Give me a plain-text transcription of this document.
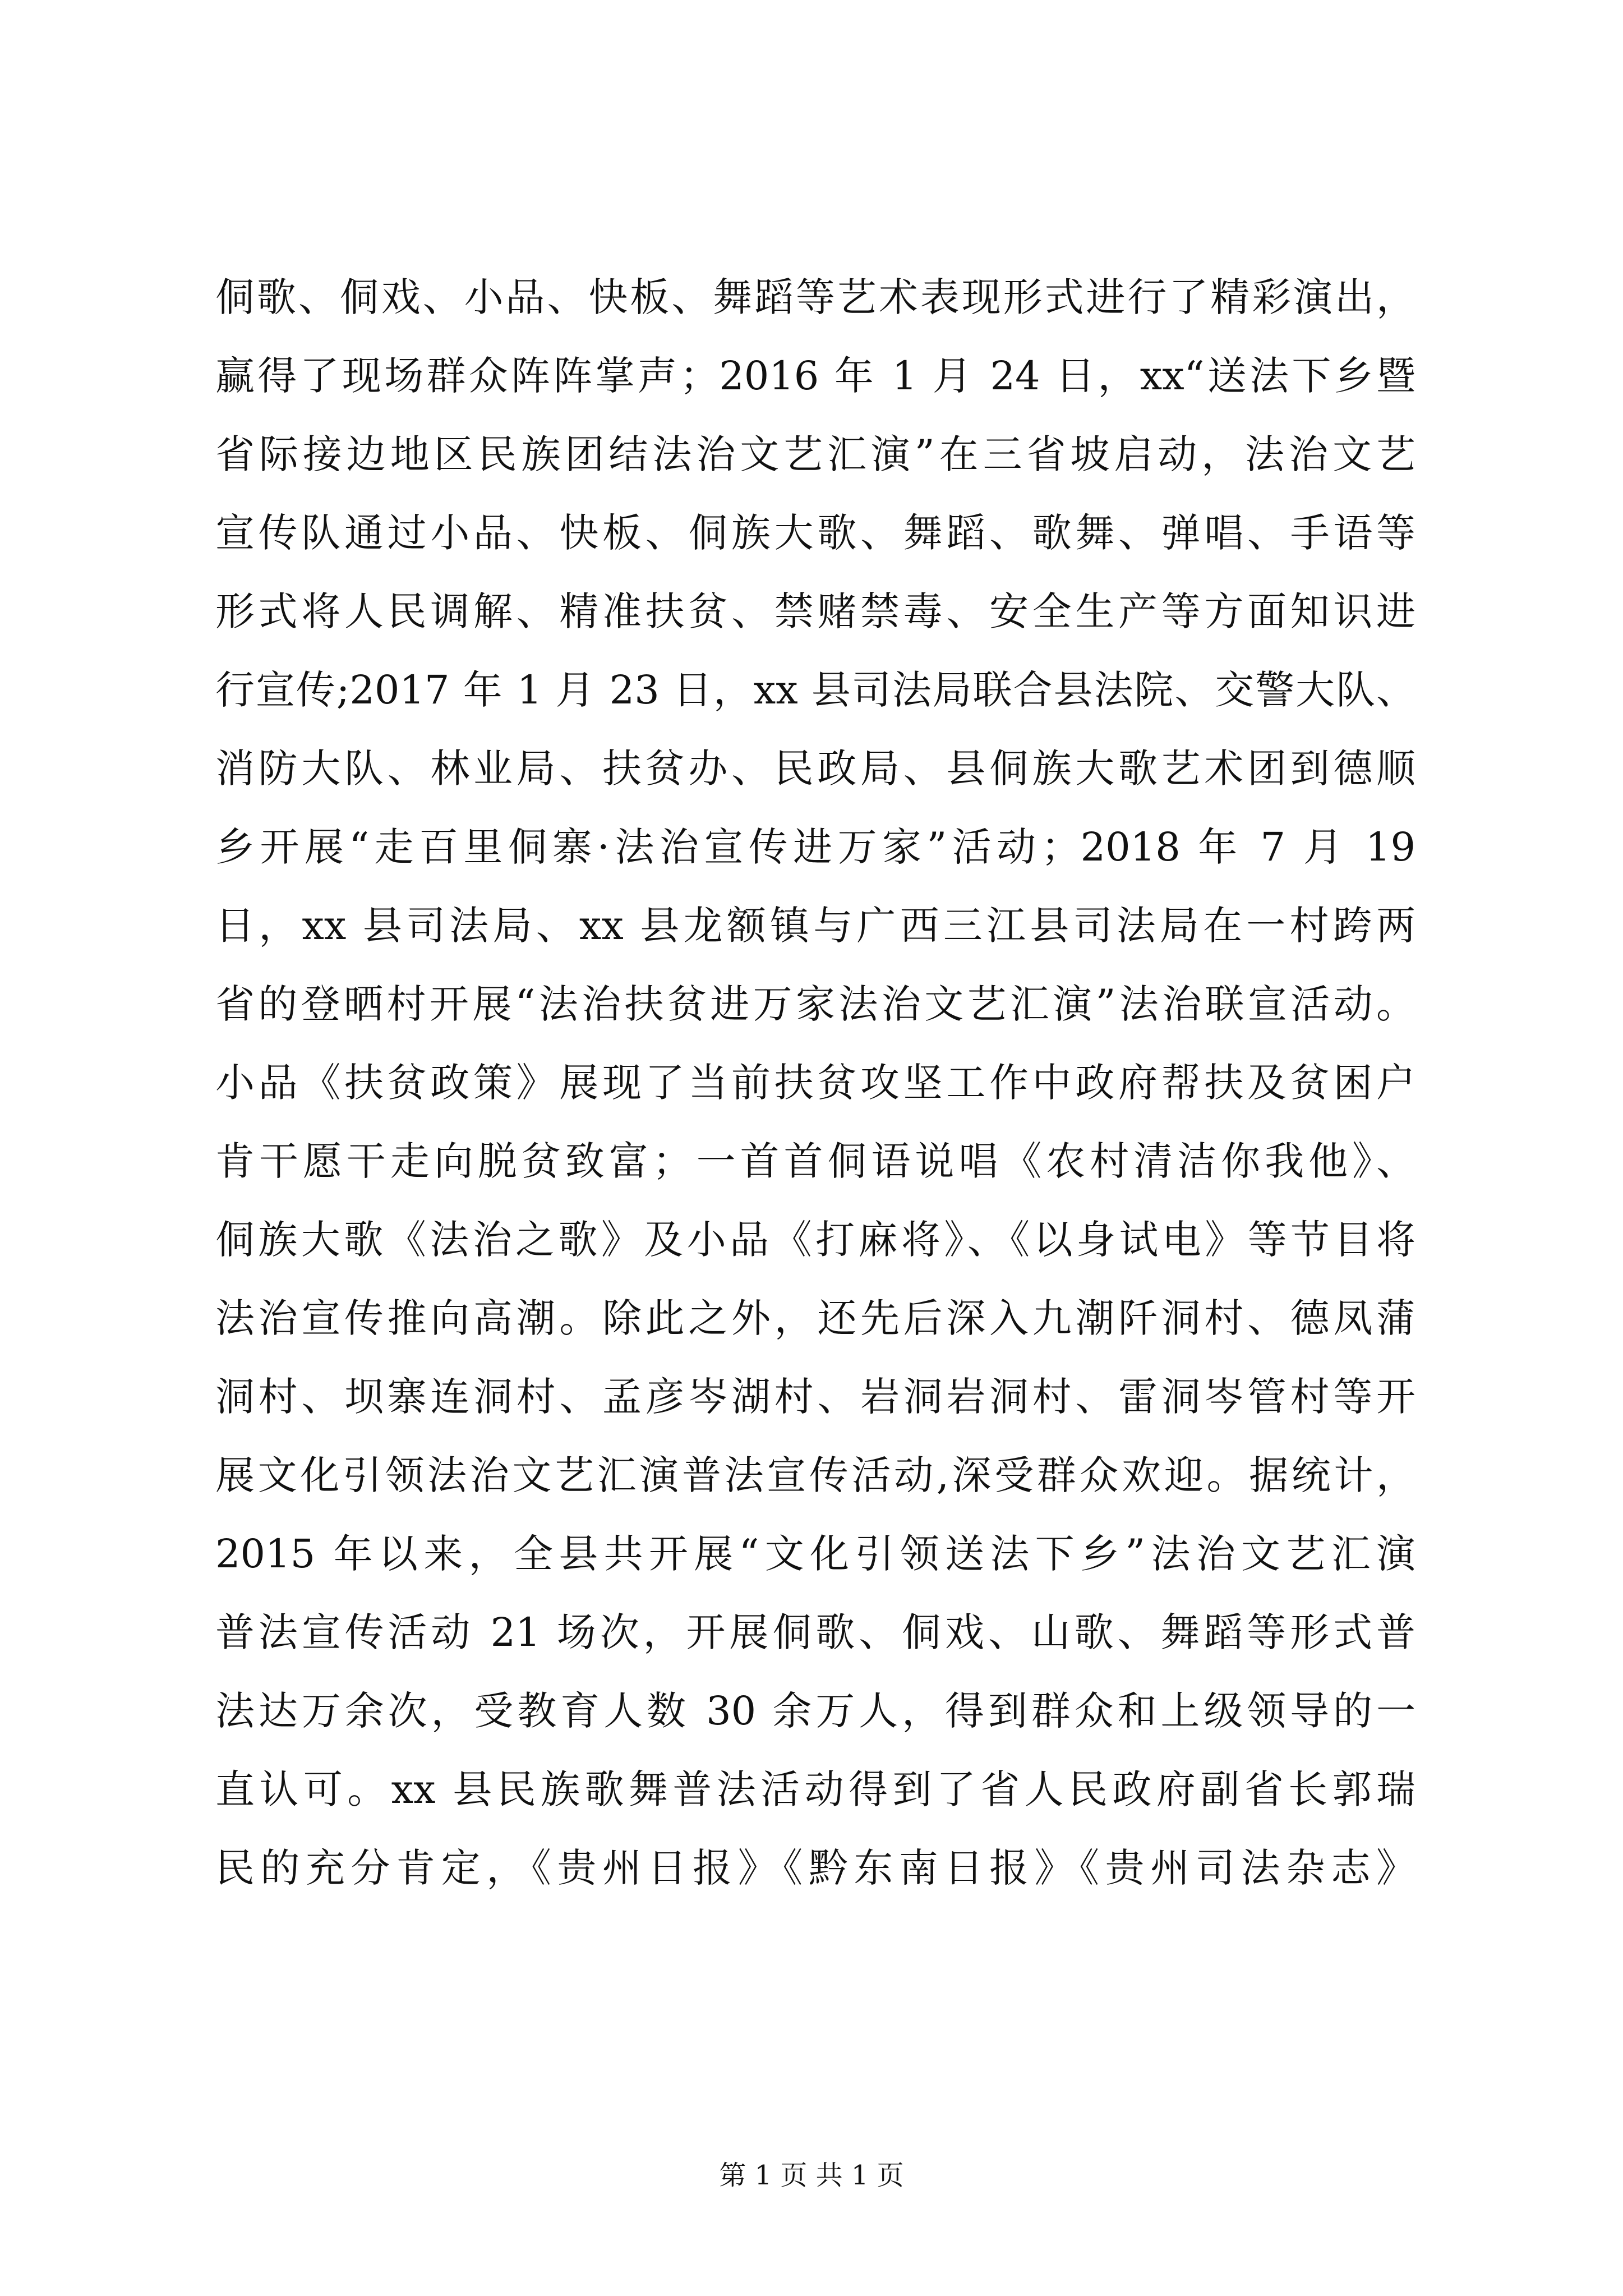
侗歌、侗戏、小品、快板、舞蹈等艺术表现形式进行了精彩演出，
赢得了现场群众阵阵掌声；2016 年 1 月 24 日，xx“送法下乡暨
省际接边地区民族团结法治文艺汇演”在三省坡启动，法治文艺
宣传队通过小品、快板、侗族大歌、舞蹈、歌舞、弹唱、手语等
形式将人民调解、精准扶贫、禁赌禁毒、安全生产等方面知识进
行宣传;2017 年 1 月 23 日，xx 县司法局联合县法院、交警大队、
消防大队、林业局、扶贫办、民政局、县侗族大歌艺术团到德顺
乡开展“走百里侗寨·法治宣传进万家”活动；2018 年 7 月 19
日，xx 县司法局、xx 县龙额镇与广西三江县司法局在一村跨两
省的登晒村开展“法治扶贫进万家法治文艺汇演”法治联宣活动。
小品《扶贫政策》展现了当前扶贫攻坚工作中政府帮扶及贫困户
肯干愿干走向脱贫致富；一首首侗语说唱《农村清洁你我他》、
侗族大歌《法治之歌》及小品《打麻将》、《以身试电》等节目将
法治宣传推向高潮。除此之外，还先后深入九潮阡洞村、德凤蒲
洞村、坝寨连洞村、孟彦岑湖村、岩洞岩洞村、雷洞岑管村等开
展文化引领法治文艺汇演普法宣传活动,深受群众欢迎。据统计，
2015 年以来，全县共开展“文化引领送法下乡”法治文艺汇演
普法宣传活动 21 场次，开展侗歌、侗戏、山歌、舞蹈等形式普
法达万余次，受教育人数 30 余万人，得到群众和上级领导的一
直认可。xx 县民族歌舞普法活动得到了省人民政府副省长郭瑞
民的充分肯定，《贵州日报》《黔东南日报》《贵州司法杂志》
第 1 页 共 1 页
